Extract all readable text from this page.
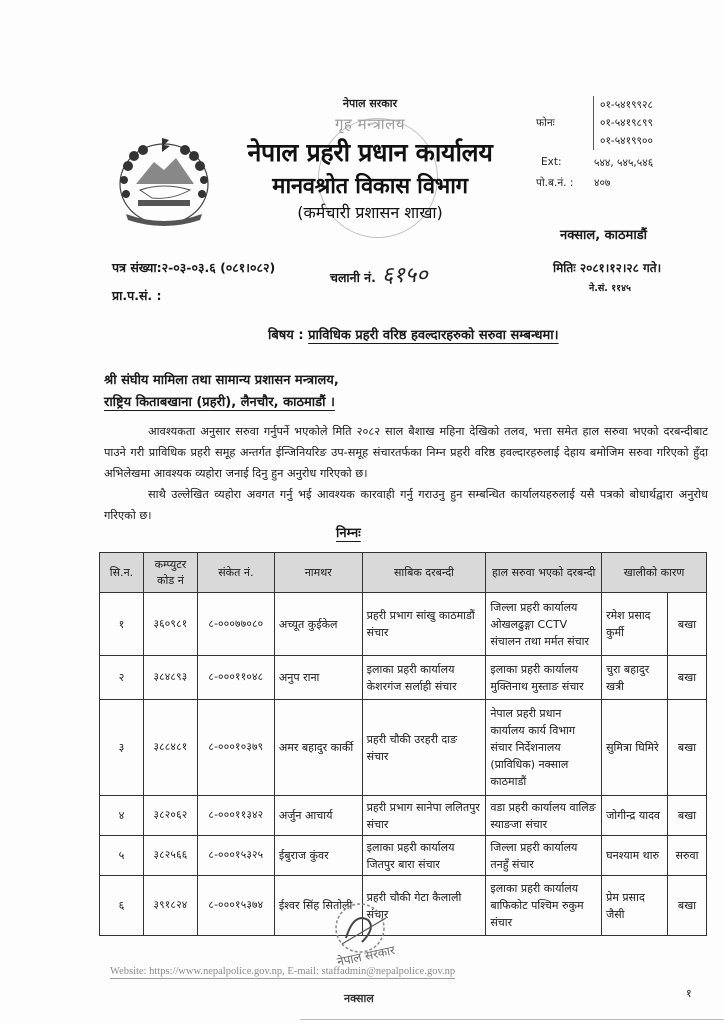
नेपाल सरकार
गृह मन्त्रालय
नेपाल प्रहरी प्रधान कार्यालय
मानवश्रोत विकास विभाग
(कर्मचारी प्रशासन शाखा)
फोनः
०१-५४१९९२८
०१-५४१९८९९
०१-५४१९९००
Ext:	५४४, ५४५,५४६
पो.ब.नं. :	४०७
नक्साल, काठमाडौं
पत्र संख्या:२-०३-०३.६ (०८१।०८२)
चलानी नं. ६१५०	मितिः २०८१।१२।२८ गते।
ने.सं. ११४५
प्रा.प.सं. :
बिषय : प्राविधिक प्रहरी वरिष्ठ हवल्दारहरुको सरुवा सम्बन्धमा।
श्री संघीय मामिला तथा सामान्य प्रशासन मन्त्रालय,
राष्ट्रिय किताबखाना (प्रहरी), लैनचौर, काठमाडौं ।

आवश्यकता अनुसार सरुवा गर्नुपर्ने भएकोले मिति २०८२ साल बैशाख महिना देखिको तलव, भत्ता समेत हाल सरुवा भएको दरबन्दीबाट पाउने गरी प्राविधिक प्रहरी समूह अन्तर्गत ईन्जिनियरिङ उप-समूह संचारतर्फका निम्न प्रहरी वरिष्ठ हवल्दारहरुलाई देहाय बमोजिम सरुवा गरिएको हुँदा अभिलेखमा आवश्यक व्यहोरा जनाई दिनु हुन अनुरोध गरिएको छ।

साथै उल्लेखित व्यहोरा अवगत गर्नु भई आवश्यक कारवाही गर्नु गराउनु हुन सम्बन्धित कार्यालयहरुलाई यसै पत्रको बोधार्थद्वारा अनुरोध गरिएको छ।

निम्नः
सि.न.	कम्प्युटर कोड नं	संकेत नं.	नामथर	साबिक दरबन्दी	हाल सरुवा भएको दरबन्दी	खालीको कारण	
१	३६०९८१	८-०००७७०८०	अच्यूत कुईकेल	प्रहरी प्रभाग सांखु काठमाडौं संचार	जिल्ला प्रहरी कार्यालय ओखलढुङ्गा CCTV संचालन तथा मर्मत संचार	रमेश प्रसाद कुर्मी	बखा
२	३८४८९३	८-०००११०४८	अनुप राना	इलाका प्रहरी कार्यालय केशरगंज सर्लाही संचार	इलाका प्रहरी कार्यालय मुक्तिनाथ मुस्ताङ संचार	चुरा बहादुर खत्री	बखा
३	३८८४८१	८-०००१०३७९	अमर बहादुर कार्की	प्रहरी चौकी उरहरी दाङ संचार	नेपाल प्रहरी प्रधान कार्यालय कार्य विभाग संचार निर्देशनालय (प्राविधिक) नक्साल काठमाडौं	सुमित्रा घिमिरे	बखा
४	३८२०६२	८-०००११३४२	अर्जुन आचार्य	प्रहरी प्रभाग सानेपा ललितपुर संचार	वडा प्रहरी कार्यालय वालिङ स्याङजा संचार	जोगीन्द्र यादव	बखा
५	३८२५६६	८-०००१५३२५	ईबुराज कुंवर	इलाका प्रहरी कार्यालय जितपुर बारा संचार	जिल्ला प्रहरी कार्यालय तनहुँ संचार	घनश्याम थारु	सरुवा
६	३९१८२४	८-०००१५३७४	ईश्वर सिंह सितोली	प्रहरी चौकी गेटा कैलाली संचार	इलाका प्रहरी कार्यालय बाफिकोट पश्चिम रुकुम संचार	प्रेम प्रसाद जैसी	बखा
नेपाल सरकार
नक्साल
Website: https://www.nepalpolice.gov.np, E-mail: staffadmin@nepalpolice.gov.np
१
